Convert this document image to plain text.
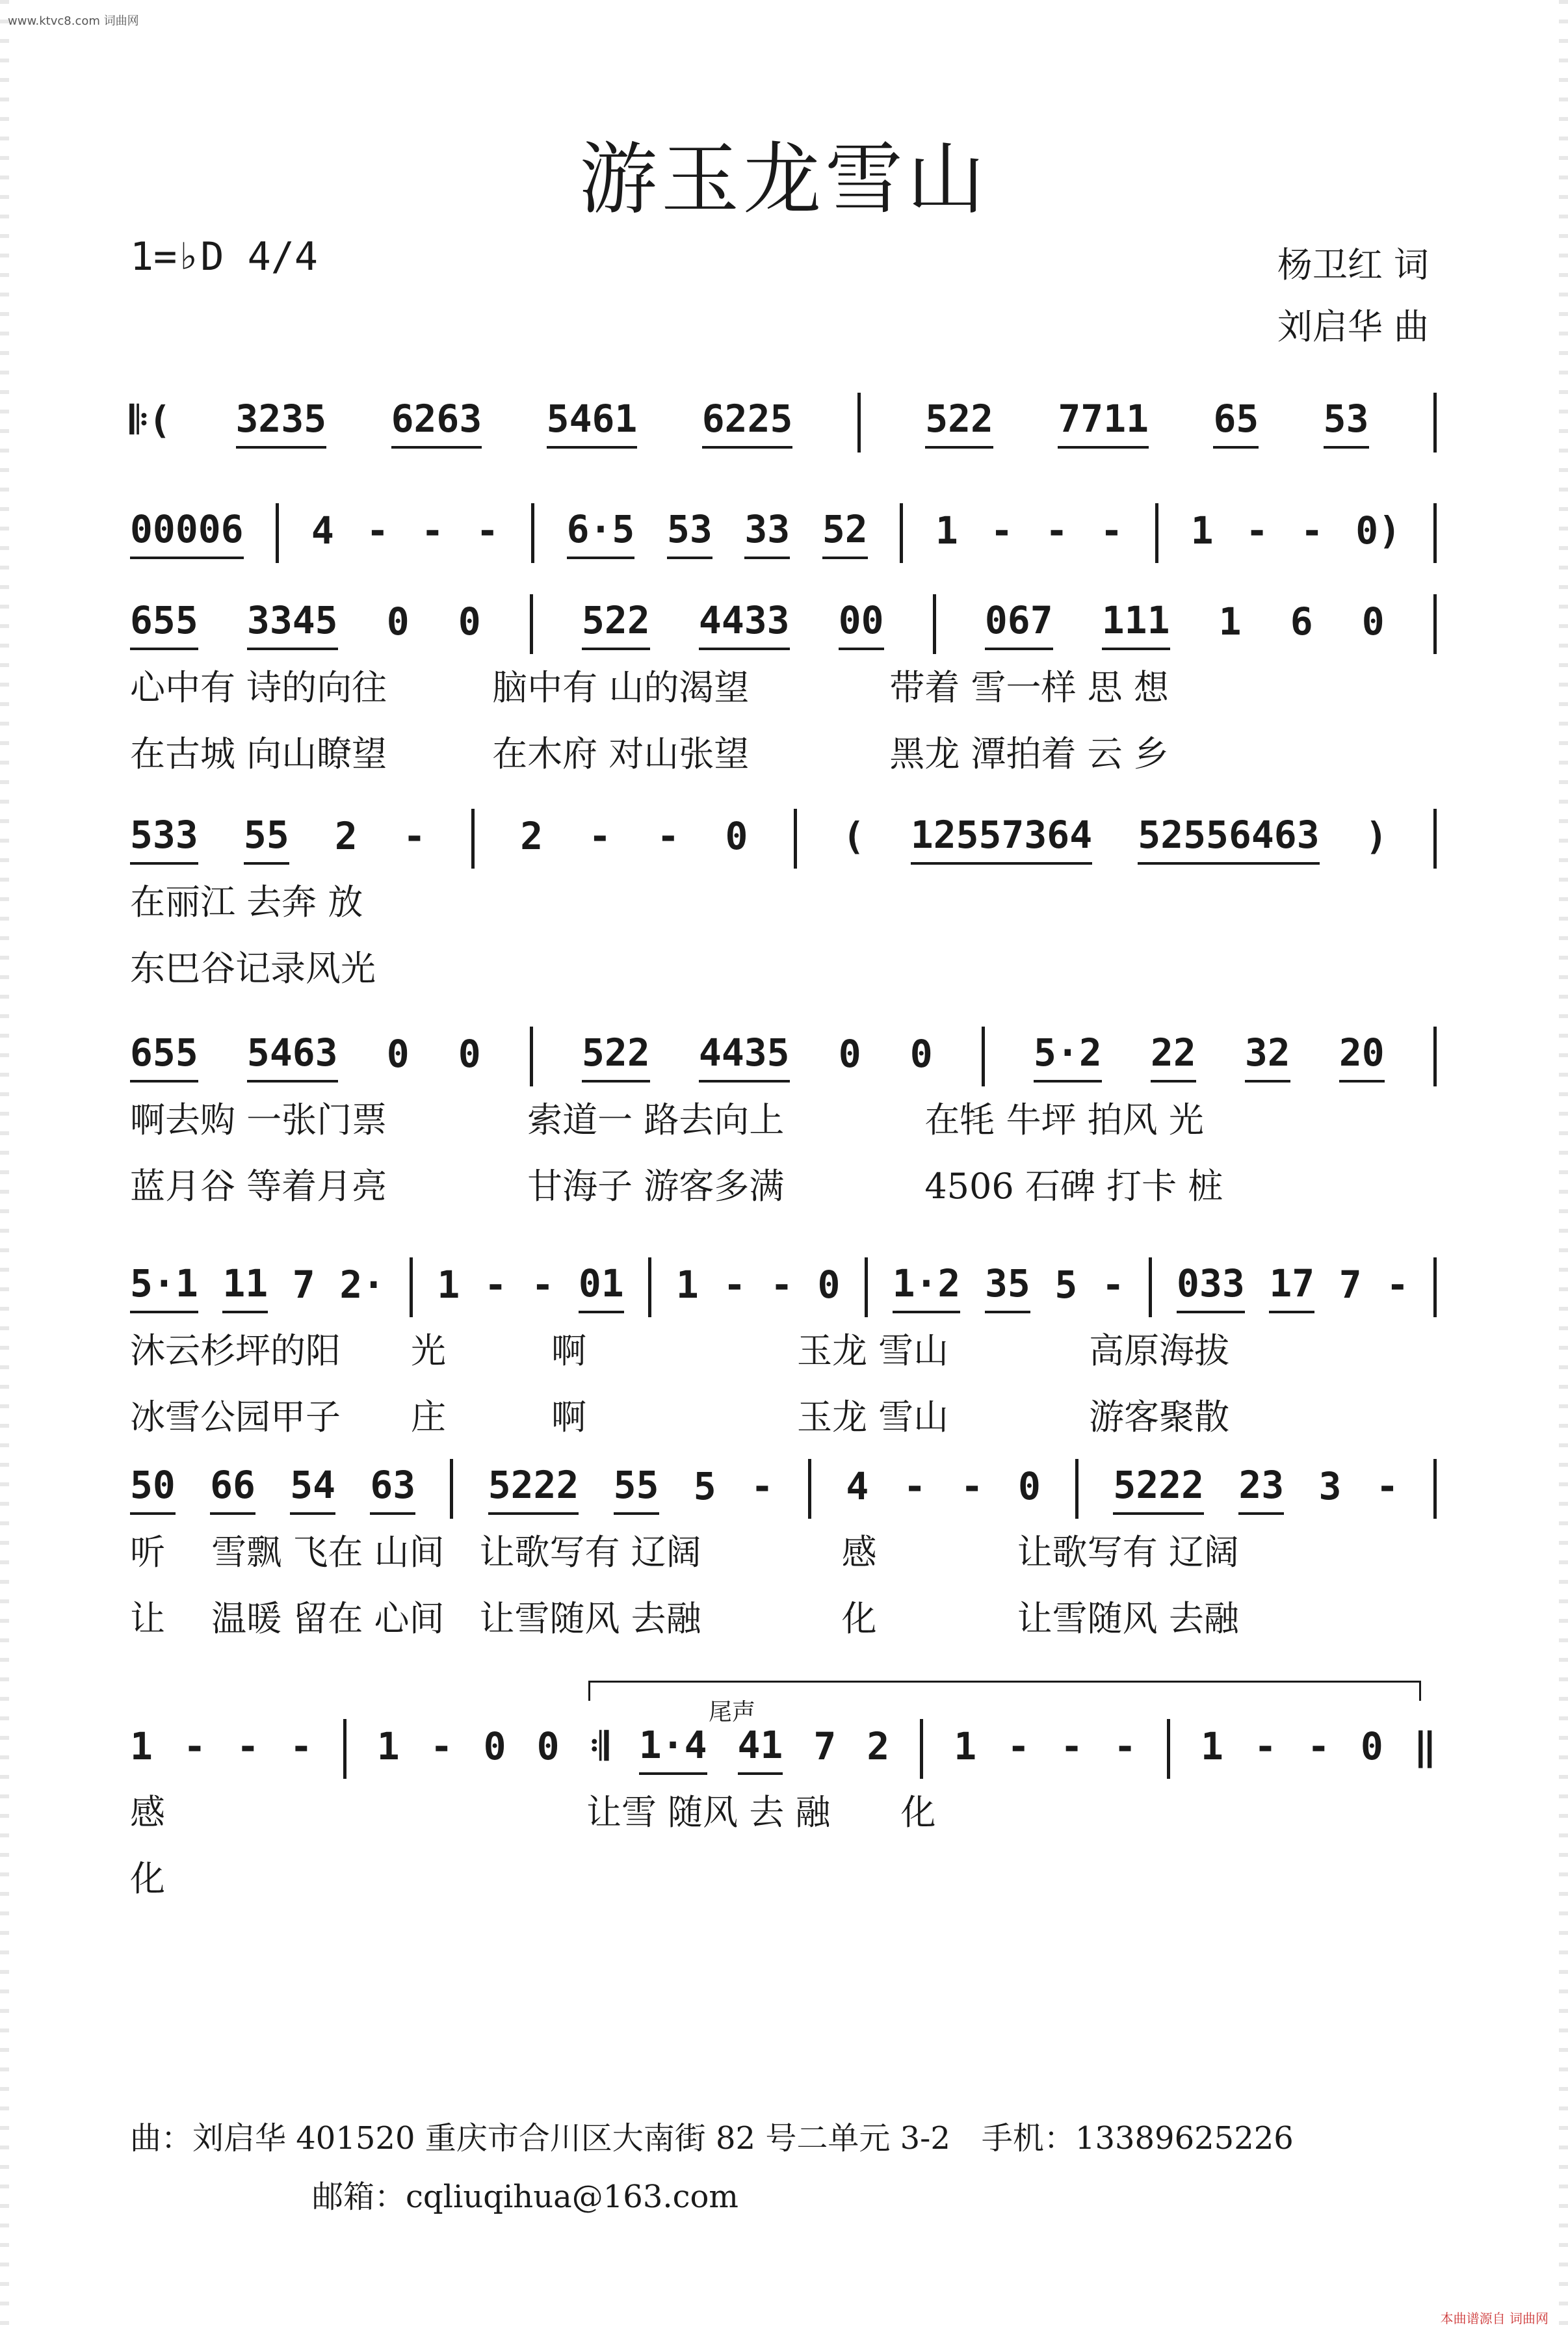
www.ktvc8.com 词曲网
游玉龙雪山
1=♭D 4/4	杨卫红 词
刘启华 曲
𝄆( 3235 6263 5461 6225	522 7711 65 53
00006 4 - - - 6·5 53 33 52 1 - - - 1 - - 0)
655 3345 0 0	522 4433 00	067 111 1 6 0
心中有 诗的向往　　　脑中有 山的渴望　　　　带着 雪一样 思 想
在古城 向山瞭望　　　在木府 对山张望　　　　黑龙 潭拍着 云 乡
533 55 2 -	2 - - 0	( 12557364 52556463 )
在丽江 去奔 放
东巴谷记录风光
655 5463 0 0	522 4435 0 0	5·2 22 32 20
啊去购 一张门票　　　　索道一 路去向上　　　　在牦 牛坪 拍风 光
蓝月谷 等着月亮　　　　甘海子 游客多满　　　　4506 石碑 打卡 桩
5·1 11 7 2· 1 - - 01 1 - - 0 1·2 35 5 - 033 17 7 -
沐云杉坪的阳　　光　　　啊　　　　　　玉龙 雪山　　　　高原海拔
冰雪公园甲子　　庄　　　啊　　　　　　玉龙 雪山　　　　游客聚散
50 66 54 63 5222 55 5 - 4 - - 0 5222 23 3 -
听　 雪飘 飞在 山间　让歌写有 辽阔　　　　感　　　　让歌写有 辽阔
让　 温暖 留在 心间　让雪随风 去融　　　　化　　　　让雪随风 去融
1 - - - 1 - 0 0 𝄇 1·4 41 7 2 1 - - - 1 - - 0 ‖
感　　　　　　　　　　　　让雪 随风 去 融　　化
化
尾声
曲：刘启华 401520 重庆市合川区大南街 82 号二单元 3-2　手机：13389625226
邮箱：cqliuqihua@163.com
本曲谱源自 词曲网
